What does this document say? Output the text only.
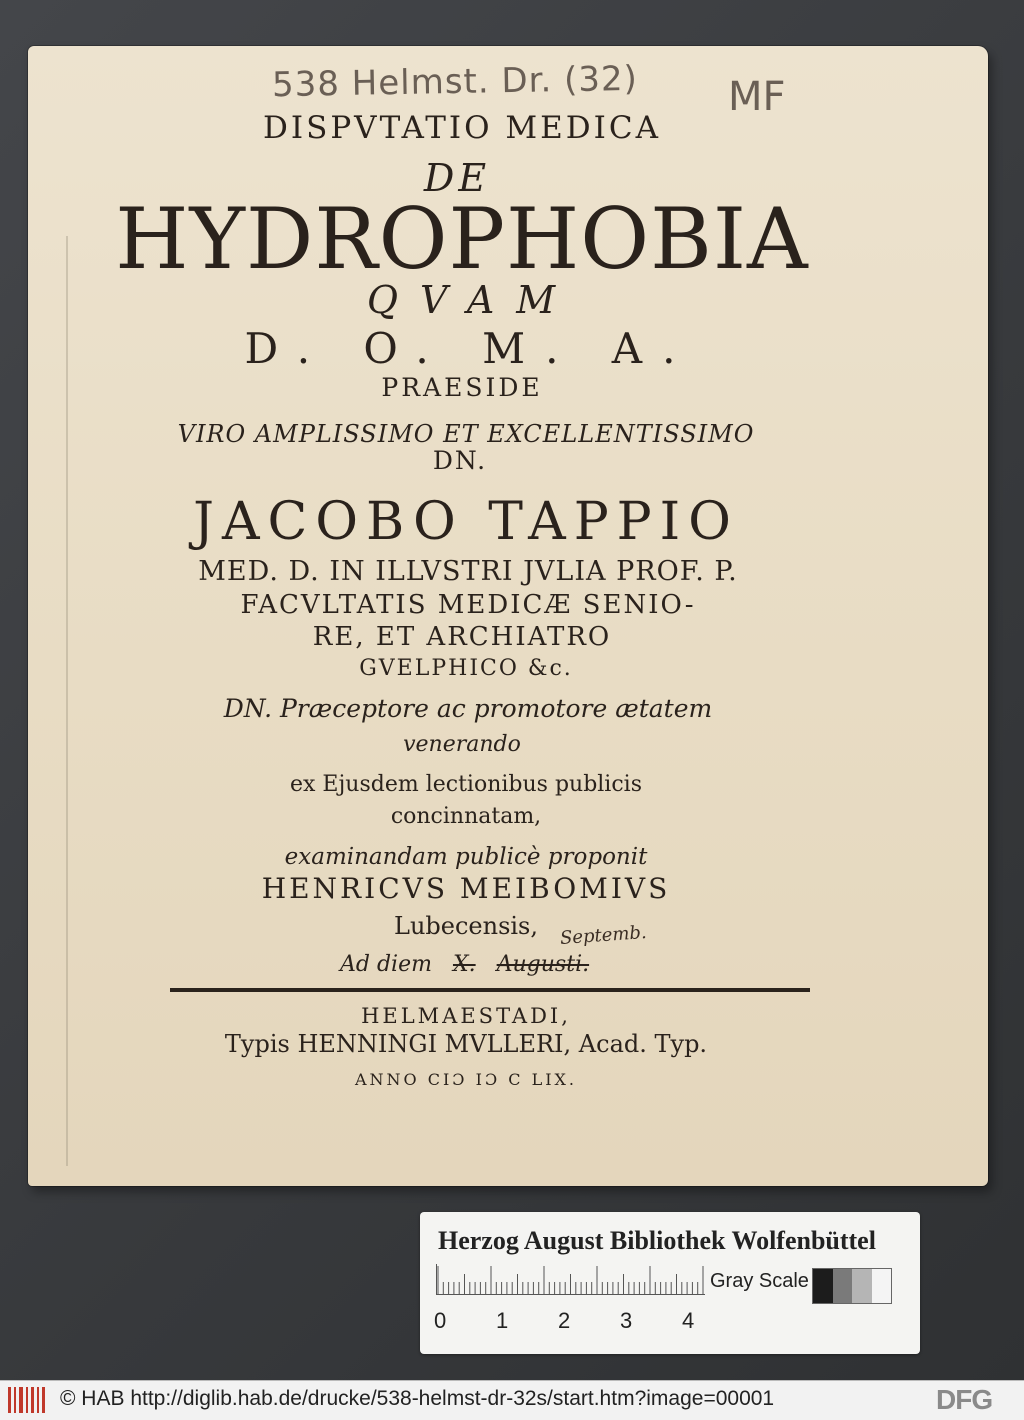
538 Helmst. Dr. (32) MF

DISPVTATIO MEDICA

DE

HYDROPHOBIA

QVAM

D. O. M. A.

PRAESIDE

VIRO AMPLISSIMO ET EXCELLENTISSIMO

DN.

JACOBO TAPPIO

MED. D. IN ILLVSTRI JVLIA PROF. P.

FACVLTATIS MEDICÆ SENIO-

RE, ET ARCHIATRO

GVELPHICO &c.

DN. Præceptore ac promotore ætatem

venerando

ex Ejusdem lectionibus publicis

concinnatam,

examinandam publicè proponit

HENRICVS MEIBOMIVS

Lubecensis,	Septemb.
Ad diem X. Augusti.

HELMAESTADI,

Typis HENNINGI MVLLERI, Acad. Typ.

ANNO CIƆ IƆ C LIX.

Herzog August Bibliothek Wolfenbüttel
Gray Scale
0 1 2 3 4
© HAB http://diglib.hab.de/drucke/538-helmst-dr-32s/start.htm?image=00001	DFG
